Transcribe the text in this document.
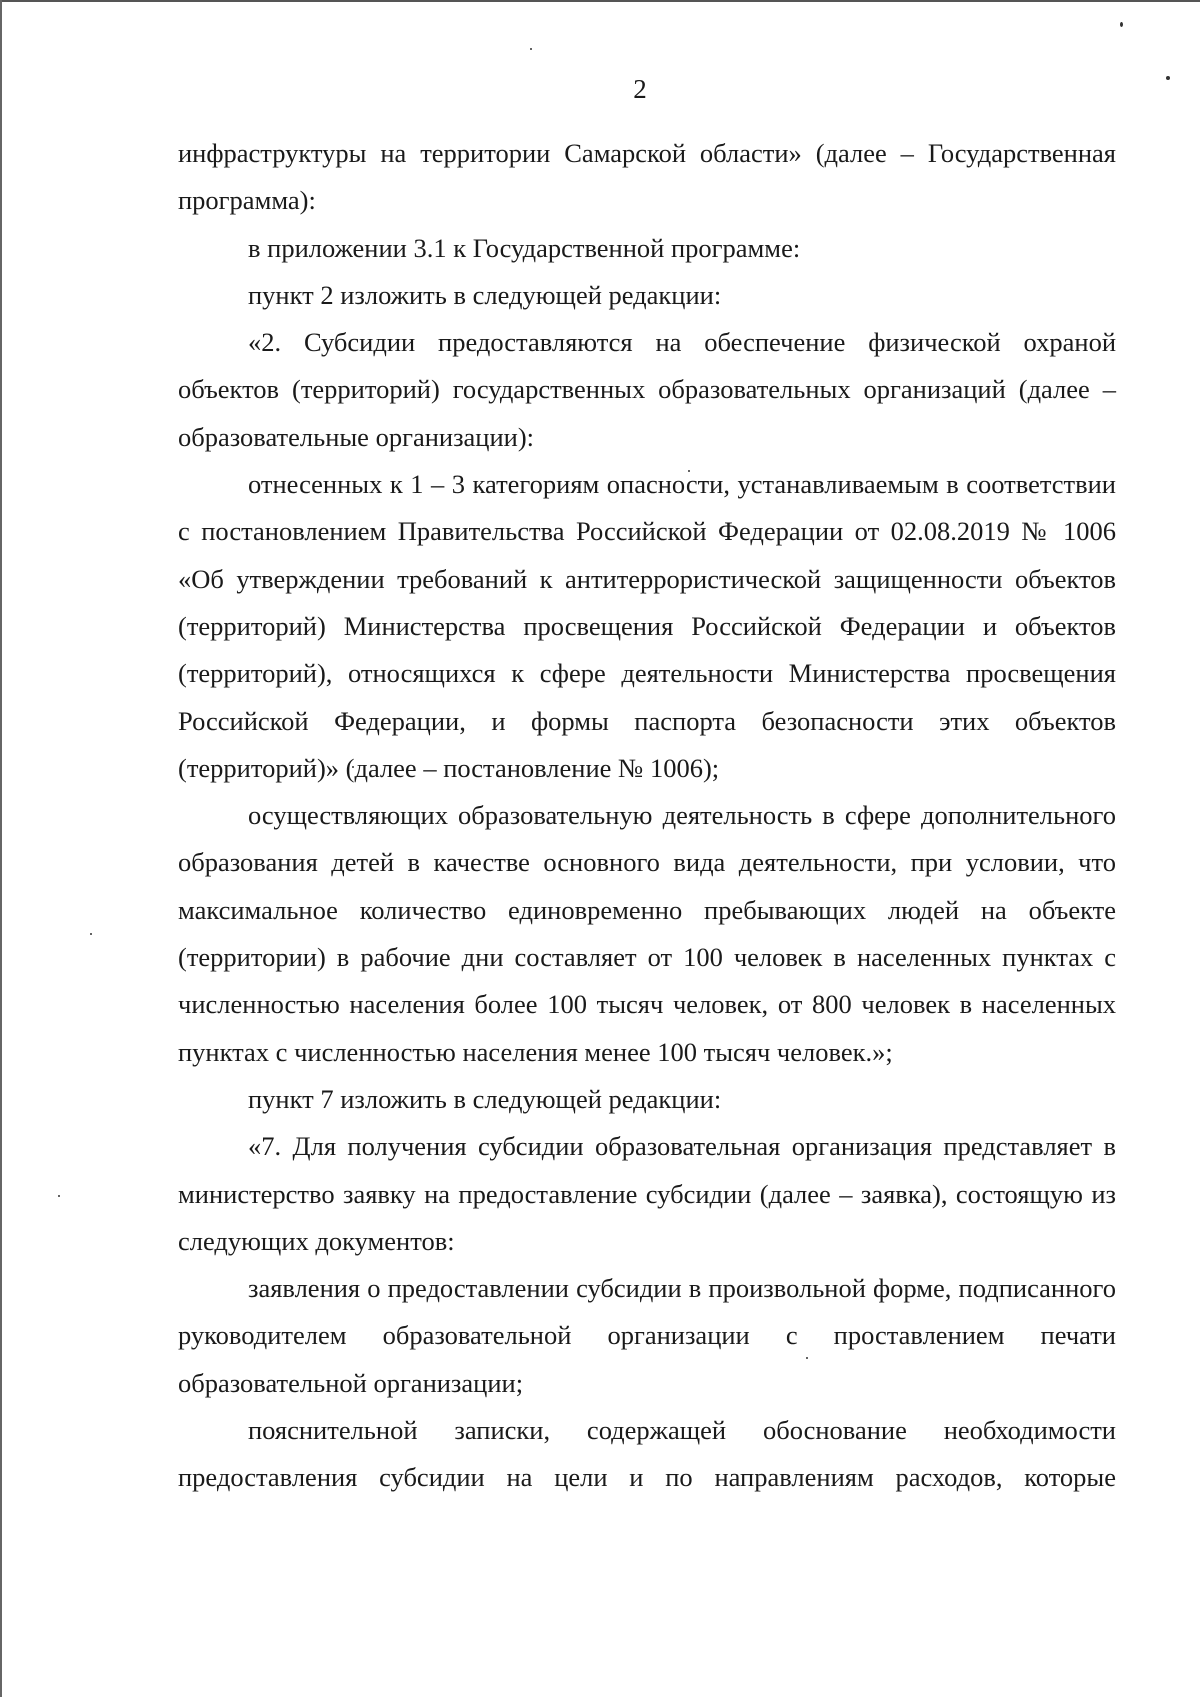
2

инфраструктуры на территории Самарской области» (далее – Государственная программа):

в приложении 3.1 к Государственной программе:

пункт 2 изложить в следующей редакции:

«2. Субсидии предоставляются на обеспечение физической охраной объектов (территорий) государственных образовательных организаций (далее – образовательные организации):

отнесенных к 1 – 3 категориям опасности, устанавливаемым в соответствии с постановлением Правительства Российской Федерации от 02.08.2019 № 1006 «Об утверждении требований к антитеррористической защищенности объектов (территорий) Министерства просвещения Российской Федерации и объектов (территорий), относящихся к сфере деятельности Министерства просвещения Российской Федерации, и формы паспорта безопасности этих объектов (территорий)» (далее – постановление № 1006);

осуществляющих образовательную деятельность в сфере дополнительного образования детей в качестве основного вида деятельности, при условии, что максимальное количество единовременно пребывающих людей на объекте (территории) в рабочие дни составляет от 100 человек в населенных пунктах с численностью населения более 100 тысяч человек, от 800 человек в населенных пунктах с численностью населения менее 100 тысяч человек.»;

пункт 7 изложить в следующей редакции:

«7. Для получения субсидии образовательная организация представляет в министерство заявку на предоставление субсидии (далее – заявка), состоящую из следующих документов:

заявления о предоставлении субсидии в произвольной форме, подписанного руководителем образовательной организации с проставлением печати образовательной организации;

пояснительной записки, содержащей обоснование необходимости предоставления субсидии на цели и по направлениям расходов, которые
